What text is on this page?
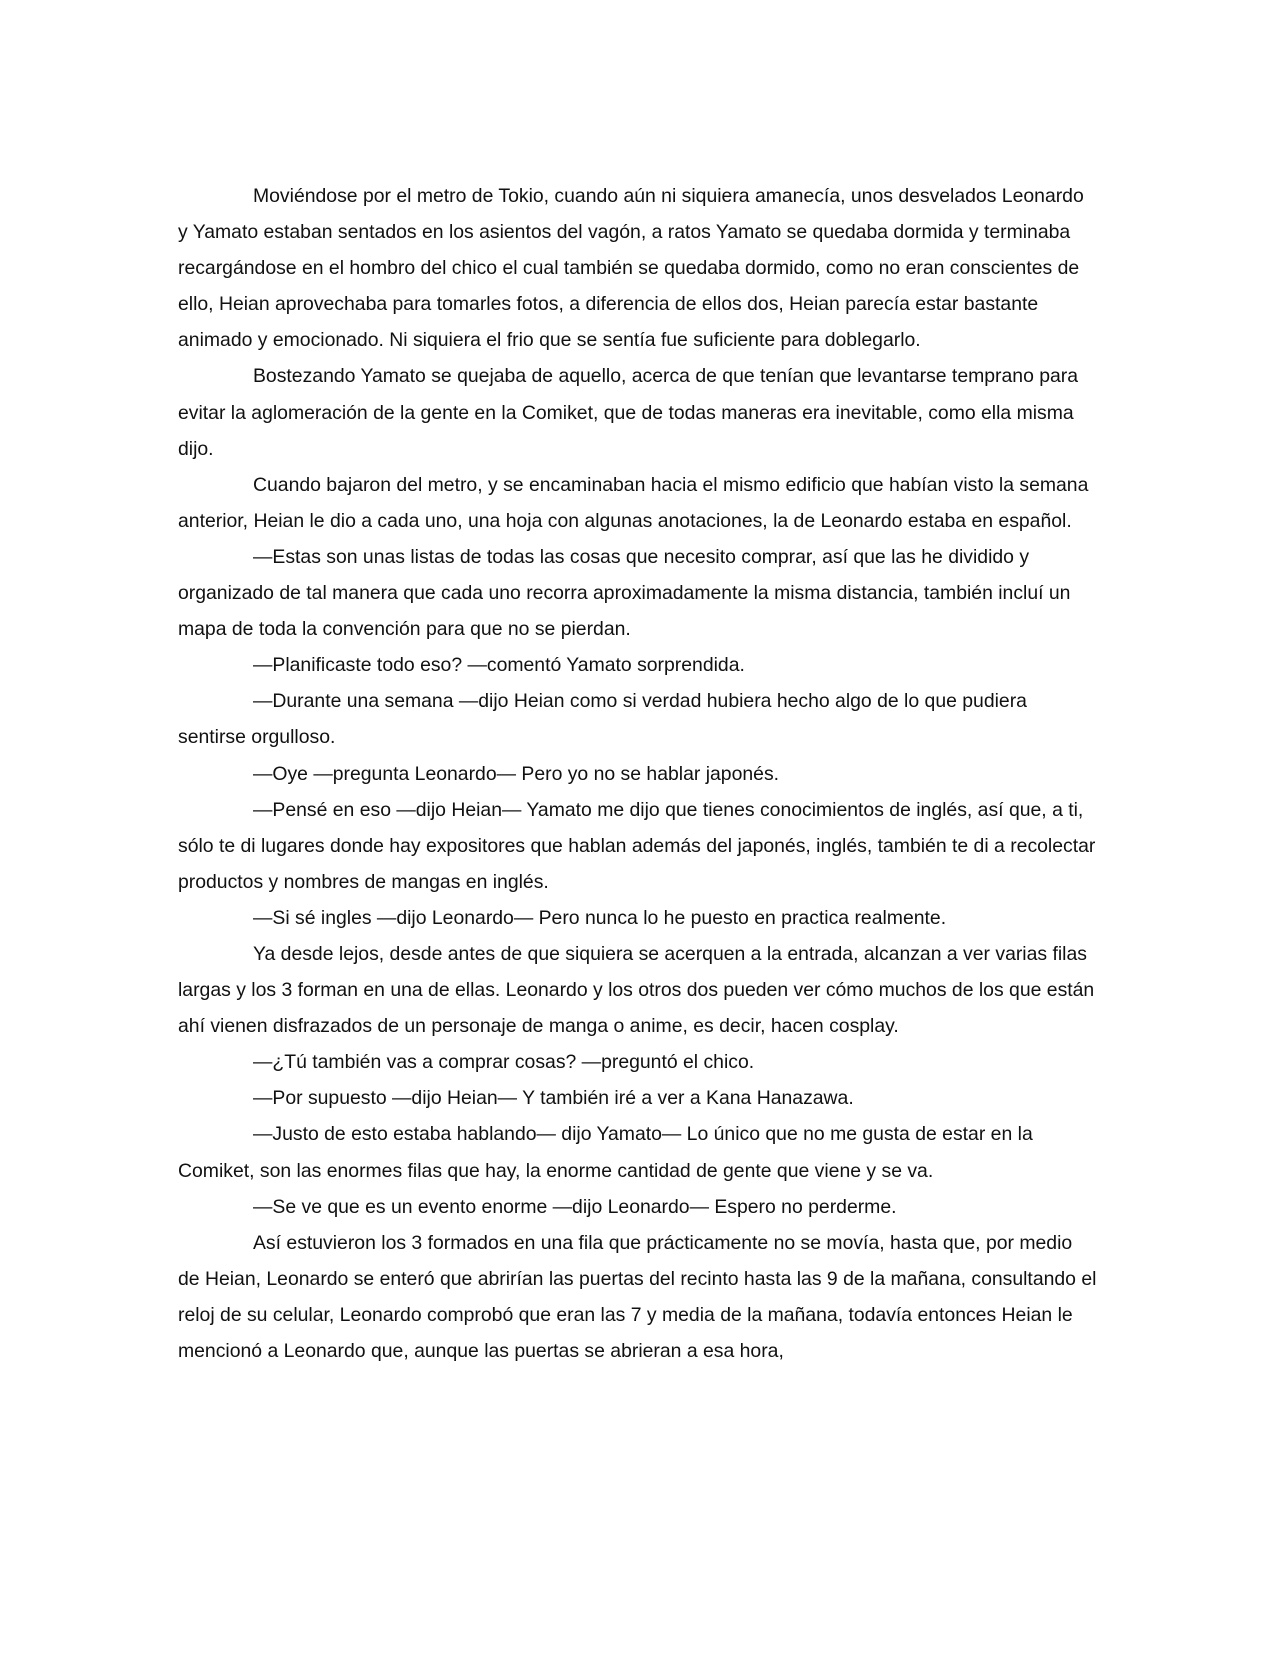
Moviéndose por el metro de Tokio, cuando aún ni siquiera amanecía, unos desvelados Leonardo y Yamato estaban sentados en los asientos del vagón, a ratos Yamato se quedaba dormida y terminaba recargándose en el hombro del chico el cual también se quedaba dormido, como no eran conscientes de ello, Heian aprovechaba para tomarles fotos, a diferencia de ellos dos, Heian parecía estar bastante animado y emocionado. Ni siquiera el frio que se sentía fue suficiente para doblegarlo.

Bostezando Yamato se quejaba de aquello, acerca de que tenían que levantarse temprano para evitar la aglomeración de la gente en la Comiket, que de todas maneras era inevitable, como ella misma dijo.

Cuando bajaron del metro, y se encaminaban hacia el mismo edificio que habían visto la semana anterior, Heian le dio a cada uno, una hoja con algunas anotaciones, la de Leonardo estaba en español.

—Estas son unas listas de todas las cosas que necesito comprar, así que las he dividido y organizado de tal manera que cada uno recorra aproximadamente la misma distancia, también incluí un mapa de toda la convención para que no se pierdan.

—Planificaste todo eso? —comentó Yamato sorprendida.

—Durante una semana —dijo Heian como si verdad hubiera hecho algo de lo que pudiera sentirse orgulloso.

—Oye —pregunta Leonardo— Pero yo no se hablar japonés.

—Pensé en eso —dijo Heian— Yamato me dijo que tienes conocimientos de inglés, así que, a ti, sólo te di lugares donde hay expositores que hablan además del japonés, inglés, también te di a recolectar productos y nombres de mangas en inglés.

—Si sé ingles —dijo Leonardo— Pero nunca lo he puesto en practica realmente.

Ya desde lejos, desde antes de que siquiera se acerquen a la entrada, alcanzan a ver varias filas largas y los 3 forman en una de ellas. Leonardo y los otros dos pueden ver cómo muchos de los que están ahí vienen disfrazados de un personaje de manga o anime, es decir, hacen cosplay.

—¿Tú también vas a comprar cosas? —preguntó el chico.

—Por supuesto —dijo Heian— Y también iré a ver a Kana Hanazawa.

—Justo de esto estaba hablando— dijo Yamato— Lo único que no me gusta de estar en la Comiket, son las enormes filas que hay, la enorme cantidad de gente que viene y se va.

—Se ve que es un evento enorme —dijo Leonardo— Espero no perderme.

Así estuvieron los 3 formados en una fila que prácticamente no se movía, hasta que, por medio de Heian, Leonardo se enteró que abrirían las puertas del recinto hasta las 9 de la mañana, consultando el reloj de su celular, Leonardo comprobó que eran las 7 y media de la mañana, todavía entonces Heian le mencionó a Leonardo que, aunque las puertas se abrieran a esa hora,
